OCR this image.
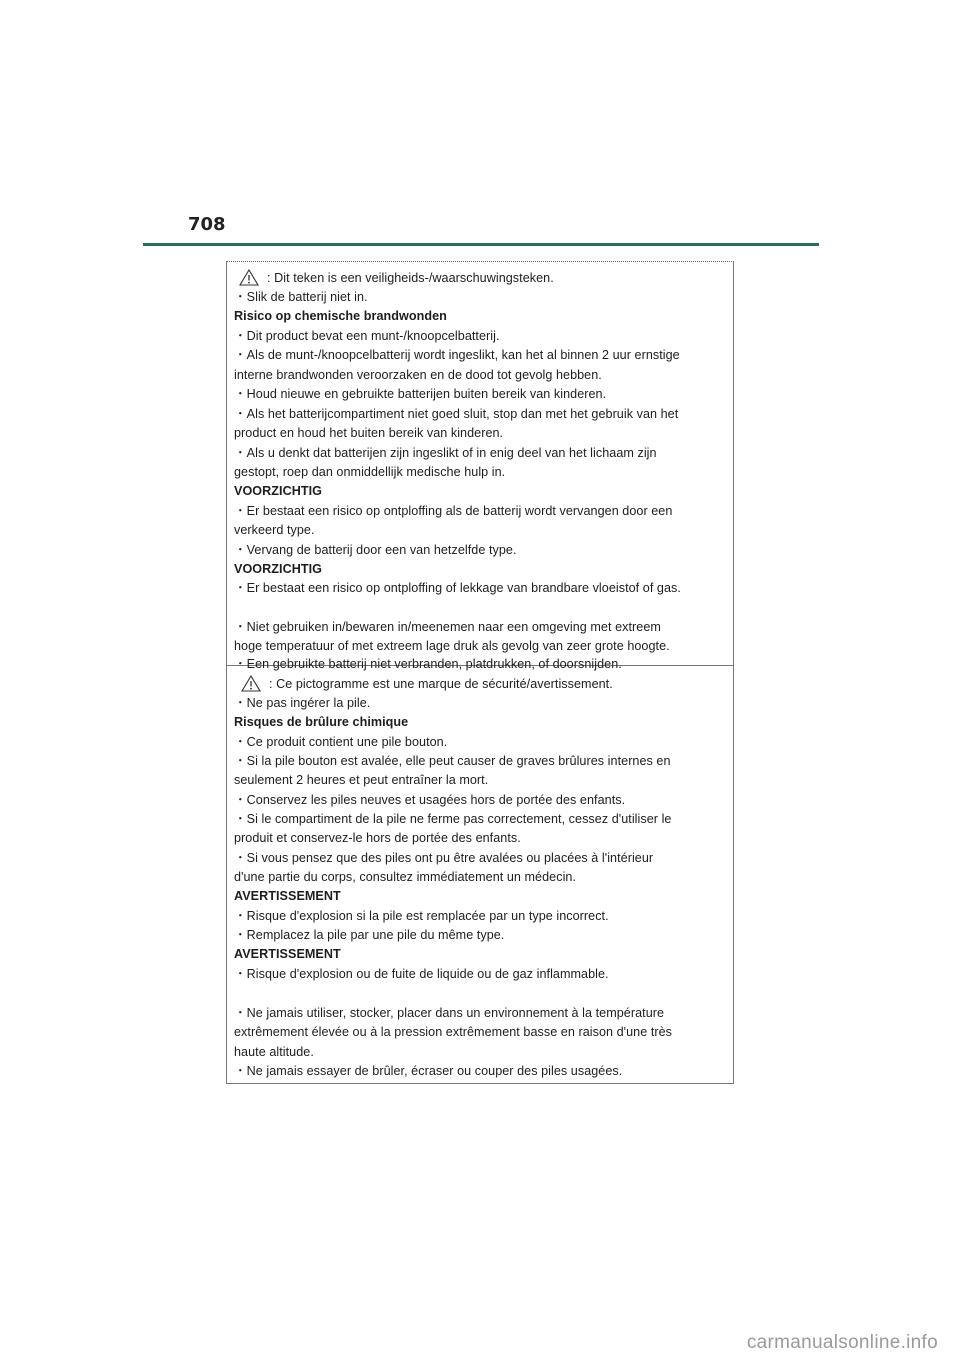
708
: Dit teken is een veiligheids-/waarschuwingsteken.
・Slik de batterij niet in.
Risico op chemische brandwonden
・Dit product bevat een munt-/knoopcelbatterij.
・Als de munt-/knoopcelbatterij wordt ingeslikt, kan het al binnen 2 uur ernstige
interne brandwonden veroorzaken en de dood tot gevolg hebben.
・Houd nieuwe en gebruikte batterijen buiten bereik van kinderen.
・Als het batterijcompartiment niet goed sluit, stop dan met het gebruik van het
product en houd het buiten bereik van kinderen.
・Als u denkt dat batterijen zijn ingeslikt of in enig deel van het lichaam zijn
gestopt, roep dan onmiddellijk medische hulp in.
VOORZICHTIG
・Er bestaat een risico op ontploffing als de batterij wordt vervangen door een
verkeerd type.
・Vervang de batterij door een van hetzelfde type.
VOORZICHTIG
・Er bestaat een risico op ontploffing of lekkage van brandbare vloeistof of gas.
・Niet gebruiken in/bewaren in/meenemen naar een omgeving met extreem
hoge temperatuur of met extreem lage druk als gevolg van zeer grote hoogte.
・Een gebruikte batterij niet verbranden, platdrukken, of doorsnijden.
: Ce pictogramme est une marque de sécurité/avertissement.
・Ne pas ingérer la pile.
Risques de brûlure chimique
・Ce produit contient une pile bouton.
・Si la pile bouton est avalée, elle peut causer de graves brûlures internes en
seulement 2 heures et peut entraîner la mort.
・Conservez les piles neuves et usagées hors de portée des enfants.
・Si le compartiment de la pile ne ferme pas correctement, cessez d'utiliser le
produit et conservez-le hors de portée des enfants.
・Si vous pensez que des piles ont pu être avalées ou placées à l'intérieur
d'une partie du corps, consultez immédiatement un médecin.
AVERTISSEMENT
・Risque d'explosion si la pile est remplacée par un type incorrect.
・Remplacez la pile par une pile du même type.
AVERTISSEMENT
・Risque d'explosion ou de fuite de liquide ou de gaz inflammable.
・Ne jamais utiliser, stocker, placer dans un environnement à la température
extrêmement élevée ou à la pression extrêmement basse en raison d'une très
haute altitude.
・Ne jamais essayer de brûler, écraser ou couper des piles usagées.
carmanualsonline.info
